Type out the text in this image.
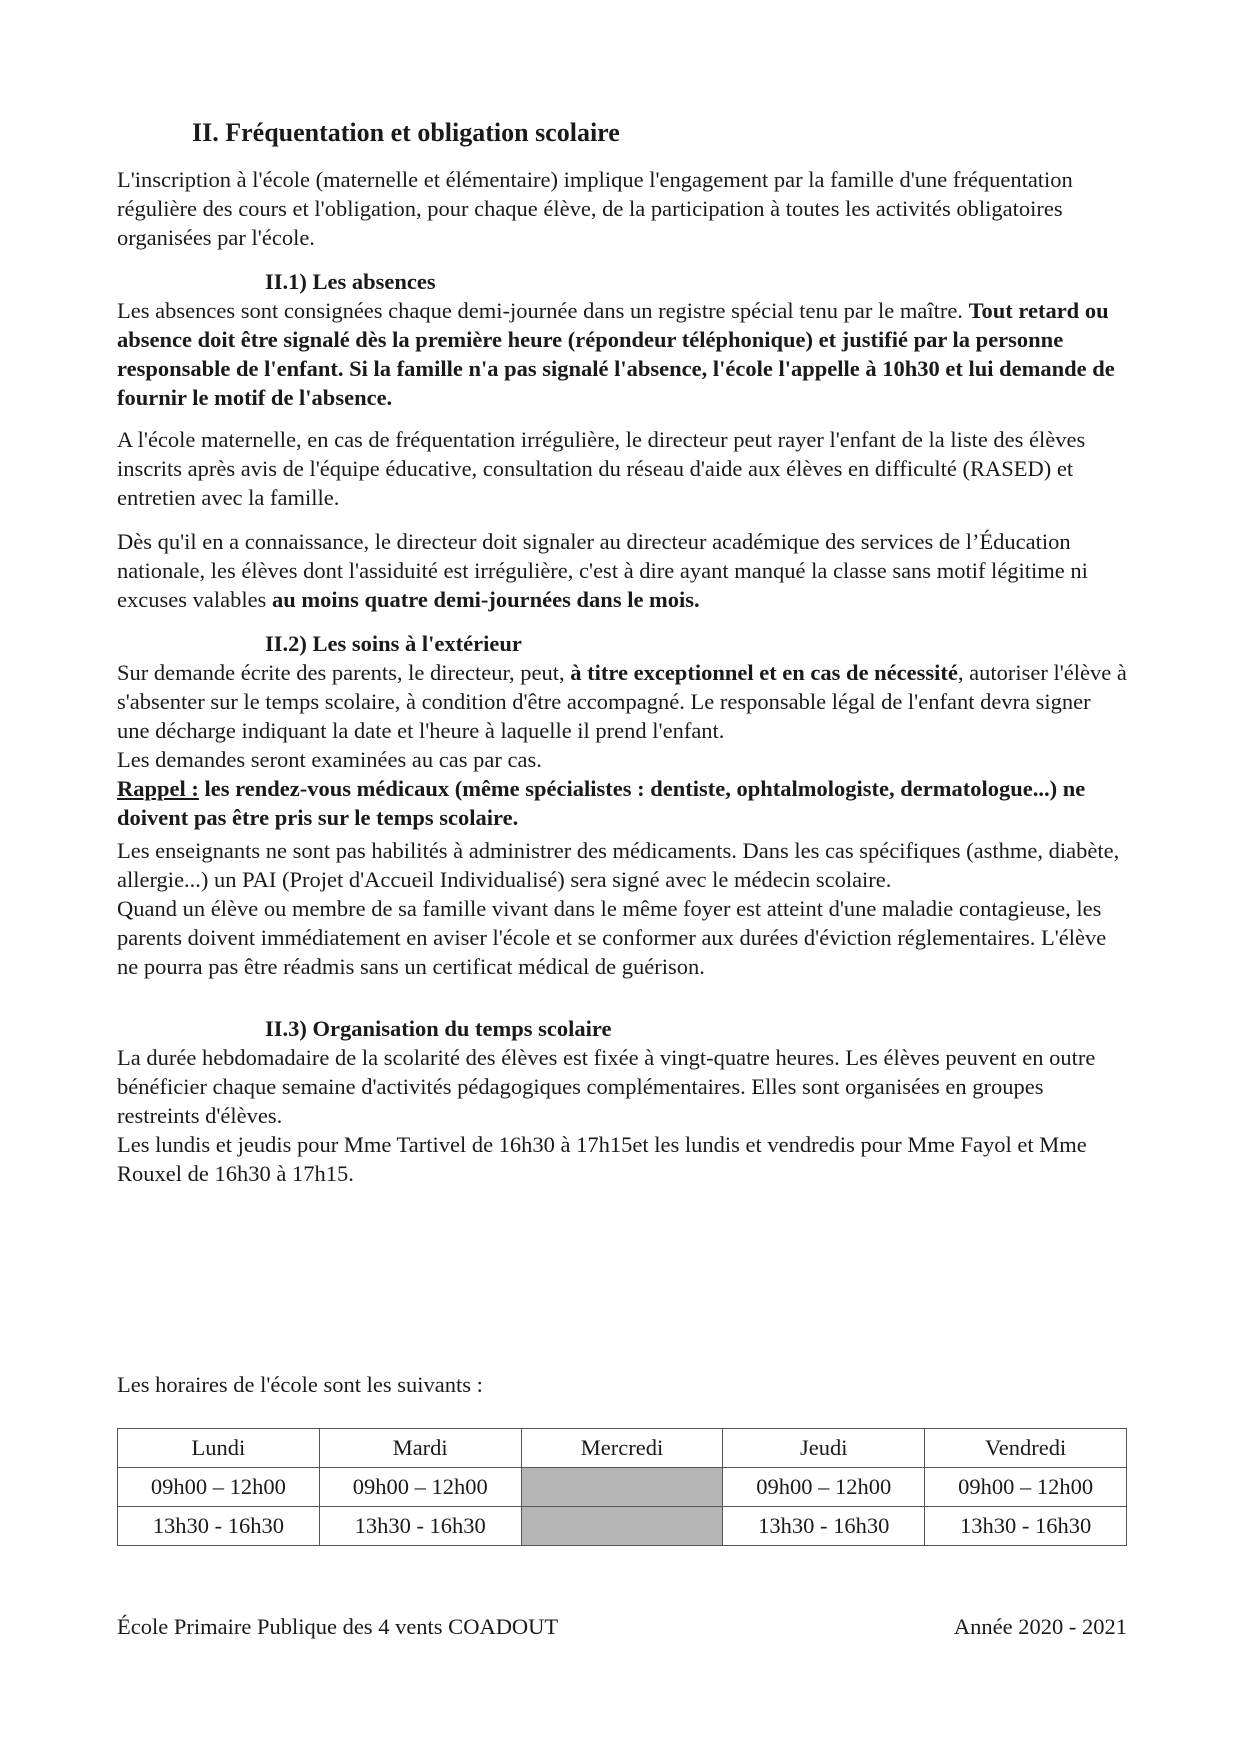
II. Fréquentation et obligation scolaire

L'inscription à l'école (maternelle et élémentaire) implique l'engagement par la famille d'une fréquentation régulière des cours et l'obligation, pour chaque élève, de la participation à toutes les activités obligatoires organisées par l'école.

II.1) Les absences

Les absences sont consignées chaque demi-journée dans un registre spécial tenu par le maître. Tout retard ou absence doit être signalé dès la première heure (répondeur téléphonique) et justifié par la personne responsable de l'enfant. Si la famille n'a pas signalé l'absence, l'école l'appelle à 10h30 et lui demande de fournir le motif de l'absence.

A l'école maternelle, en cas de fréquentation irrégulière, le directeur peut rayer l'enfant de la liste des élèves inscrits après avis de l'équipe éducative, consultation du réseau d'aide aux élèves en difficulté (RASED) et entretien avec la famille.

Dès qu'il en a connaissance, le directeur doit signaler au directeur académique des services de l’Éducation nationale, les élèves dont l'assiduité est irrégulière, c'est à dire ayant manqué la classe sans motif légitime ni excuses valables au moins quatre demi-journées dans le mois.

II.2) Les soins à l'extérieur

Sur demande écrite des parents, le directeur, peut, à titre exceptionnel et en cas de nécessité, autoriser l'élève à s'absenter sur le temps scolaire, à condition d'être accompagné. Le responsable légal de l'enfant devra signer une décharge indiquant la date et l'heure à laquelle il prend l'enfant.

Les demandes seront examinées au cas par cas.

Rappel : les rendez-vous médicaux (même spécialistes : dentiste, ophtalmologiste, dermatologue...) ne doivent pas être pris sur le temps scolaire.

Les enseignants ne sont pas habilités à administrer des médicaments. Dans les cas spécifiques (asthme, diabète, allergie...) un PAI (Projet d'Accueil Individualisé) sera signé avec le médecin scolaire.

Quand un élève ou membre de sa famille vivant dans le même foyer est atteint d'une maladie contagieuse, les parents doivent immédiatement en aviser l'école et se conformer aux durées d'éviction réglementaires. L'élève ne pourra pas être réadmis sans un certificat médical de guérison.

II.3) Organisation du temps scolaire

La durée hebdomadaire de la scolarité des élèves est fixée à vingt-quatre heures. Les élèves peuvent en outre bénéficier chaque semaine d'activités pédagogiques complémentaires. Elles sont organisées en groupes restreints d'élèves.

Les lundis et jeudis pour Mme Tartivel de 16h30 à 17h15et les lundis et vendredis pour Mme Fayol et Mme Rouxel de 16h30 à 17h15.

Les horaires de l'école sont les suivants :

Lundi	Mardi	Mercredi	Jeudi	Vendredi
09h00 – 12h00	09h00 – 12h00		09h00 – 12h00	09h00 – 12h00
13h30 - 16h30	13h30 - 16h30		13h30 - 16h30	13h30 - 16h30
École Primaire Publique des 4 vents COADOUT	Année 2020 - 2021
